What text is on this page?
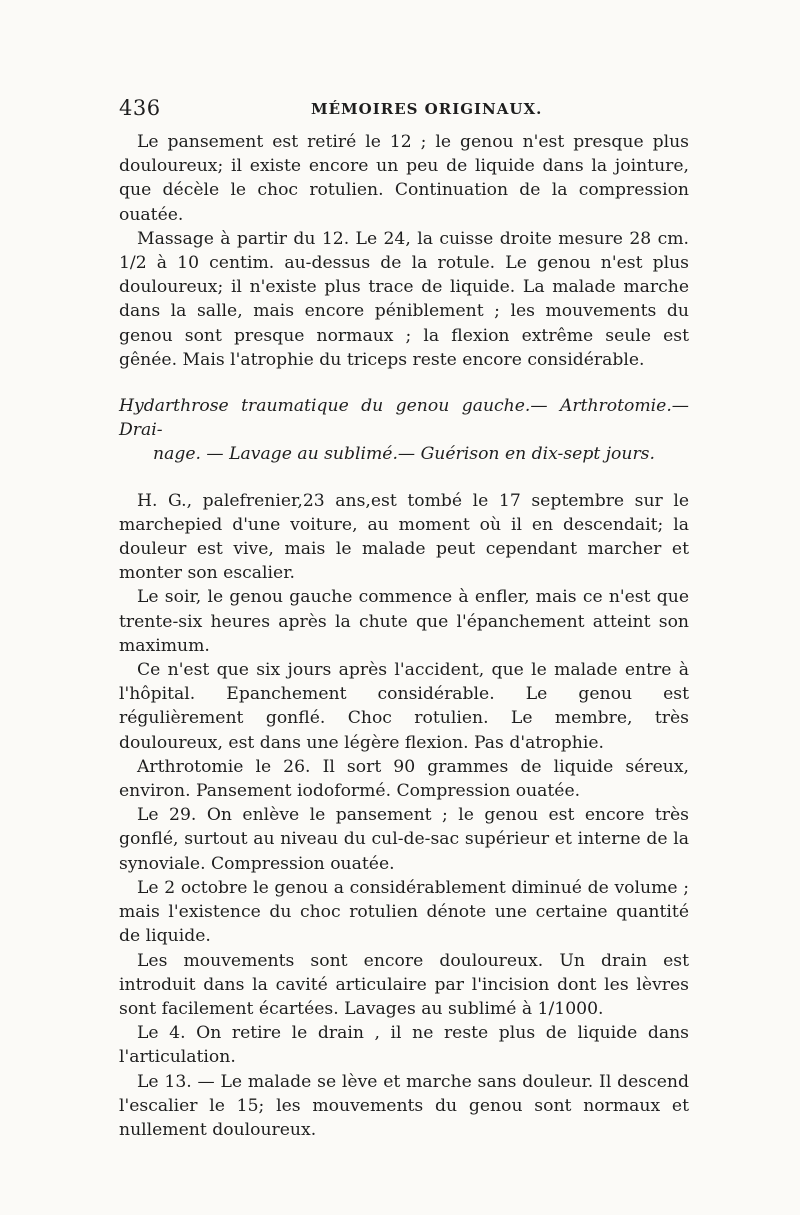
436	MÉMOIRES ORIGINAUX.

Le pansement est retiré le 12 ; le genou n'est presque plus douloureux; il existe encore un peu de liquide dans la jointure, que décèle le choc rotulien. Continuation de la compression ouatée.

Massage à partir du 12. Le 24, la cuisse droite mesure 28 cm. 1/2 à 10 centim. au-dessus de la rotule. Le genou n'est plus douloureux; il n'existe plus trace de liquide. La malade marche dans la salle, mais encore péniblement ; les mouvements du genou sont presque normaux ; la flexion extrême seule est gênée. Mais l'atrophie du triceps reste encore considérable.

Hydarthrose traumatique du genou gauche.— Arthrotomie.— Drai-
nage. — Lavage au sublimé.— Guérison en dix-sept jours.

H. G., palefrenier,23 ans,est tombé le 17 septembre sur le marchepied d'une voiture, au moment où il en descendait; la douleur est vive, mais le malade peut cependant marcher et monter son escalier.

Le soir, le genou gauche commence à enfler, mais ce n'est que trente-six heures après la chute que l'épanchement atteint son maximum.

Ce n'est que six jours après l'accident, que le malade entre à l'hôpital. Epanchement considérable. Le genou est régulièrement gonflé. Choc rotulien. Le membre, très douloureux, est dans une légère flexion. Pas d'atrophie.

Arthrotomie le 26. Il sort 90 grammes de liquide séreux, environ. Pansement iodoformé. Compression ouatée.

Le 29. On enlève le pansement ; le genou est encore très gonflé, surtout au niveau du cul-de-sac supérieur et interne de la synoviale. Compression ouatée.

Le 2 octobre le genou a considérablement diminué de volume ; mais l'existence du choc rotulien dénote une certaine quantité de liquide.

Les mouvements sont encore douloureux. Un drain est introduit dans la cavité articulaire par l'incision dont les lèvres sont facilement écartées. Lavages au sublimé à 1/1000.

Le 4. On retire le drain , il ne reste plus de liquide dans l'articulation.

Le 13. — Le malade se lève et marche sans douleur. Il descend l'escalier le 15; les mouvements du genou sont normaux et nullement douloureux.
